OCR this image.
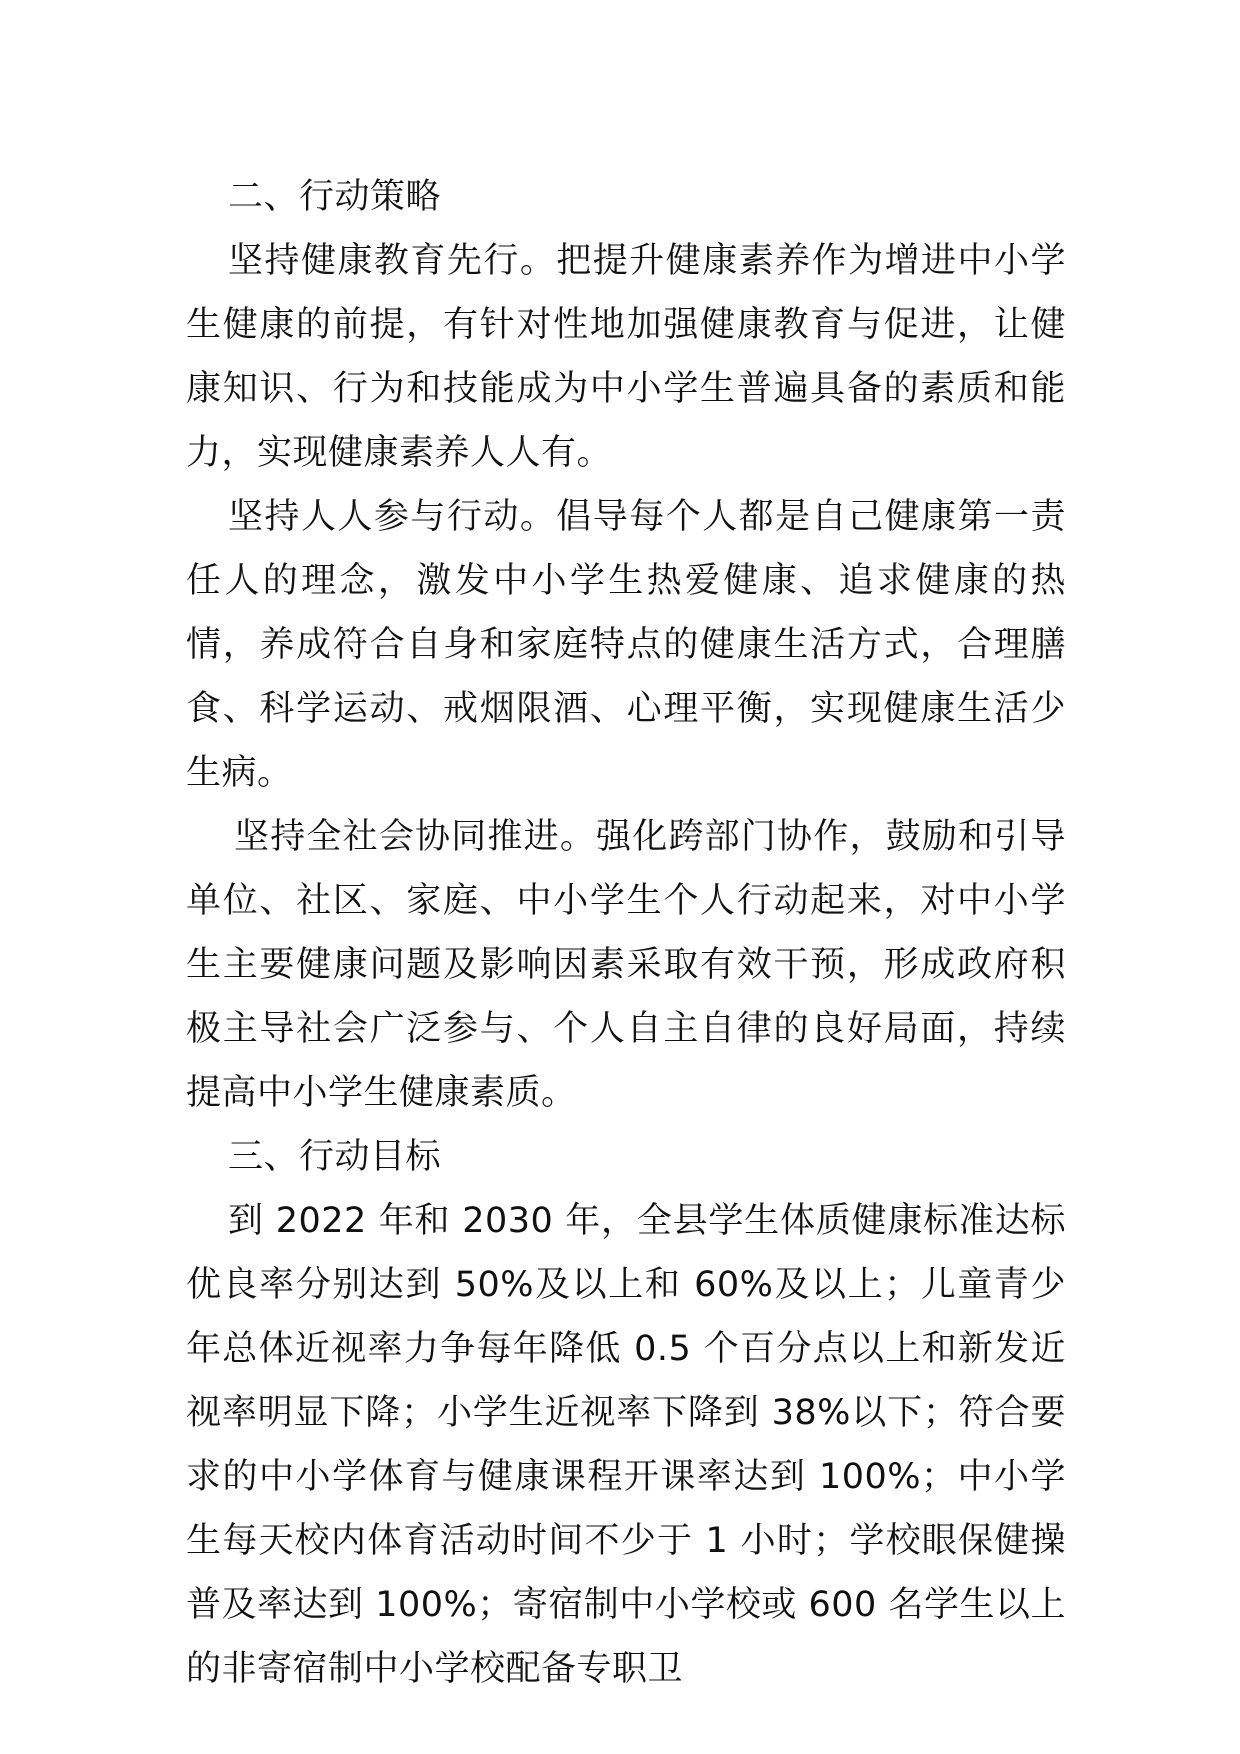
二、行动策略

坚持健康教育先行。把提升健康素养作为增进中小学生健康的前提，有针对性地加强健康教育与促进，让健康知识、行为和技能成为中小学生普遍具备的素质和能力，实现健康素养人人有。

坚持人人参与行动。倡导每个人都是自己健康第一责任人的理念，激发中小学生热爱健康、追求健康的热情，养成符合自身和家庭特点的健康生活方式，合理膳食、科学运动、戒烟限酒、心理平衡，实现健康生活少生病。

坚持全社会协同推进。强化跨部门协作，鼓励和引导单位、社区、家庭、中小学生个人行动起来，对中小学生主要健康问题及影响因素采取有效干预，形成政府积极主导社会广泛参与、个人自主自律的良好局面，持续提高中小学生健康素质。

三、行动目标

到 2022 年和 2030 年，全县学生体质健康标准达标优良率分别达到 50%及以上和 60%及以上；儿童青少年总体近视率力争每年降低 0.5 个百分点以上和新发近视率明显下降；小学生近视率下降到 38%以下；符合要求的中小学体育与健康课程开课率达到 100%；中小学生每天校内体育活动时间不少于 1 小时；学校眼保健操普及率达到 100%；寄宿制中小学校或 600 名学生以上的非寄宿制中小学校配备专职卫
